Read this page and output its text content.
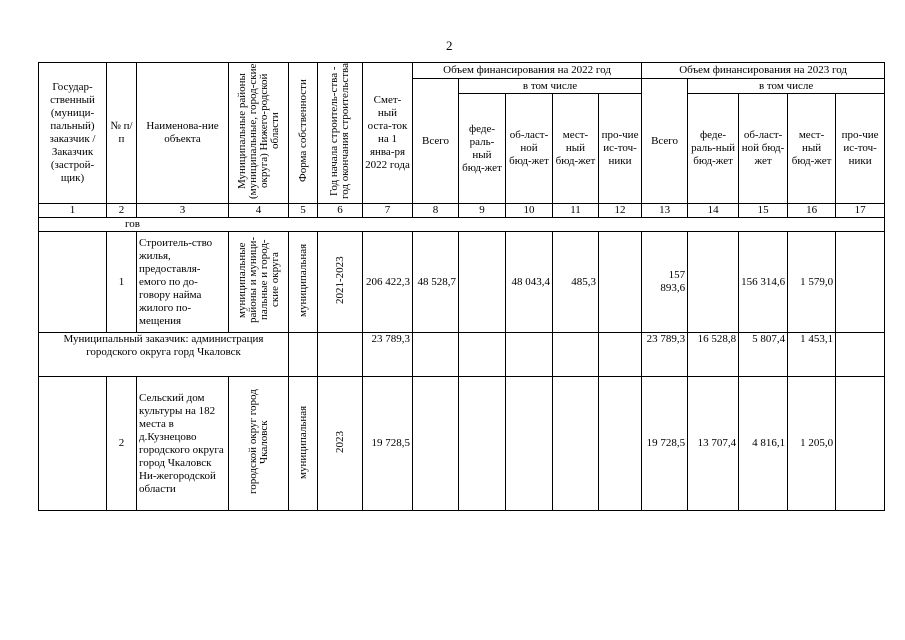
2
Государ-ственный (муници-пальный) заказчик /Заказчик (застрой-щик)	№ п/п	Наименова-ние объекта	Муниципальные районы (муниципальные, город-ские округа) Нижего-родской области	Форма собственности	Год начала строитель-ства - год окончания строительства	Смет-ный оста-ток на 1 янва-ря 2022 года	Объем финансирования на 2022 год					Объем финансирования на 2023 год				
							Всего	в том числе				Всего	в том числе			
								феде-раль-ный бюд-жет	об-ласт-ной бюд-жет	мест-ный бюд-жет	про-чие ис-точ-ники		феде-раль-ный бюд-жет	об-ласт-ной бюд-жет	мест-ный бюд-жет	про-чие ис-точ-ники
1	2	3	4	5	6	7	8	9	10	11	12	13	14	15	16	17
гов																
	1	Строитель-ство жилья, предоставля-емого по до-говору найма жилого по-мещения	муниципальные районы и муници-пальные и город-ские округа	муниципальная	2021-2023	206 422,3	48 528,7		48 043,4	485,3		157 893,6		156 314,6	1 579,0	
Муниципальный заказчик: администрация городского округа горд Чкаловск						23 789,3						23 789,3	16 528,8	5 807,4	1 453,1	
	2	Сельский дом культуры на 182 места в д.Кузнецово городского округа город Чкаловск Ни-жегородской области	городской округ город Чкаловск	муниципальная	2023	19 728,5						19 728,5	13 707,4	4 816,1	1 205,0	
